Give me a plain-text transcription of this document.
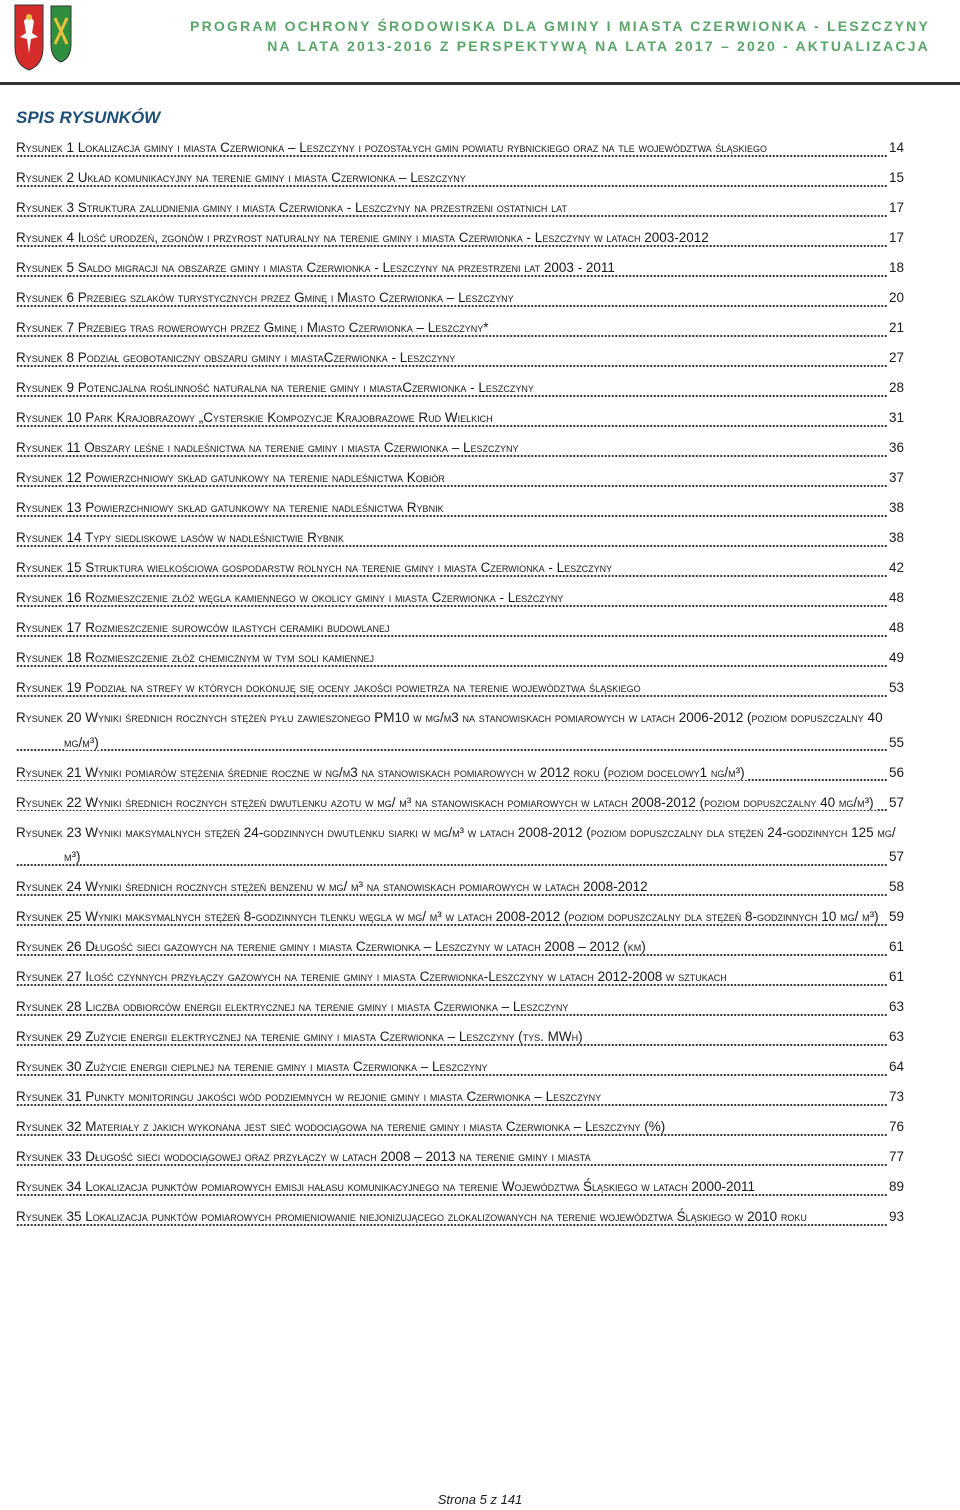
PROGRAM OCHRONY ŚRODOWISKA DLA GMINY I MIASTA CZERWIONKA - LESZCZYNY
NA LATA 2013-2016 Z PERSPEKTYWĄ NA LATA 2017 – 2020 - AKTUALIZACJA
SPIS RYSUNKÓW
Rysunek 1 Lokalizacja gminy i miasta Czerwionka – Leszczyny i pozostałych gmin powiatu rybnickiego oraz na tle województwa śląskiego	14
Rysunek 2 Układ komunikacyjny na terenie gminy i miasta Czerwionka – Leszczyny	15
Rysunek 3 Struktura zaludnienia gminy i miasta Czerwionka - Leszczyny na przestrzeni ostatnich lat	17
Rysunek 4 Ilość urodzeń, zgonów i przyrost naturalny na terenie gminy i miasta Czerwionka - Leszczyny w latach 2003-2012	17
Rysunek 5 Saldo migracji na obszarze gminy i miasta Czerwionka - Leszczyny na przestrzeni lat 2003 - 2011	18
Rysunek 6 Przebieg szlaków turystycznych przez Gminę i Miasto Czerwionka – Leszczyny	20
Rysunek 7 Przebieg tras rowerowych przez Gminę i Miasto Czerwionka – Leszczyny*	21
Rysunek 8 Podział geobotaniczny obszaru gminy i miastaCzerwionka - Leszczyny	27
Rysunek 9 Potencjalna roślinność naturalna na terenie gminy i miastaCzerwionka - Leszczyny	28
Rysunek 10 Park Krajobrazowy „Cysterskie Kompozycje Krajobrazowe Rud Wielkich	31
Rysunek 11 Obszary leśne i nadleśnictwa na terenie gminy i miasta Czerwionka – Leszczyny	36
Rysunek 12 Powierzchniowy skład gatunkowy na terenie nadleśnictwa Kobiór	37
Rysunek 13 Powierzchniowy skład gatunkowy na terenie nadleśnictwa Rybnik	38
Rysunek 14 Typy siedliskowe lasów w nadleśnictwie Rybnik	38
Rysunek 15 Struktura wielkościowa gospodarstw rolnych na terenie gminy i miasta Czerwionka - Leszczyny	42
Rysunek 16 Rozmieszczenie złóż węgla kamiennego w okolicy gminy i miasta Czerwionka - Leszczyny	48
Rysunek 17 Rozmieszczenie surowców ilastych ceramiki budowlanej	48
Rysunek 18 Rozmieszczenie złóż chemicznym w tym soli kamiennej	49
Rysunek 19 Podział na strefy w których dokonuję się oceny jakości powietrza na terenie województwa śląskiego	53
Rysunek 20 Wyniki średnich rocznych stężeń pyłu zawieszonego PM10 w mg/m3 na stanowiskach pomiarowych w latach 2006-2012 (poziom dopuszczalny 40 mg/m³)	55
Rysunek 21 Wyniki pomiarów stężenia średnie roczne w ng/m3 na stanowiskach pomiarowych w 2012 roku (poziom docelowy1 ng/m³)	56
Rysunek 22 Wyniki średnich rocznych stężeń dwutlenku azotu w mg/ m³ na stanowiskach pomiarowych w latach 2008-2012 (poziom dopuszczalny 40 mg/m³)	57
Rysunek 23 Wyniki maksymalnych stężeń 24-godzinnych dwutlenku siarki w mg/m³ w latach 2008-2012 (poziom dopuszczalny dla stężeń 24-godzinnych 125 mg/ m³)	57
Rysunek 24 Wyniki średnich rocznych stężeń benzenu w mg/ m³ na stanowiskach pomiarowych w latach 2008-2012	58
Rysunek 25 Wyniki maksymalnych stężeń 8-godzinnych tlenku węgla w mg/ m³ w latach 2008-2012 (poziom dopuszczalny dla stężeń 8-godzinnych 10 mg/ m³) 59
Rysunek 26 Długość sieci gazowych na terenie gminy i miasta Czerwionka – Leszczyny w latach 2008 – 2012 (km)	61
Rysunek 27 Ilość czynnych przyłączy gazowych na terenie gminy i miasta Czerwionka-Leszczyny w latach 2012-2008 w sztukach	61
Rysunek 28 Liczba odbiorców energii elektrycznej na terenie gminy i miasta Czerwionka – Leszczyny	63
Rysunek 29 Zużycie energii elektrycznej na terenie gminy i miasta Czerwionka – Leszczyny (tys. MWh)	63
Rysunek 30 Zużycie energii cieplnej na terenie gminy i miasta Czerwionka – Leszczyny	64
Rysunek 31 Punkty monitoringu jakości wód podziemnych w rejonie gminy i miasta Czerwionka – Leszczyny	73
Rysunek 32 Materiały z jakich wykonana jest sieć wodociągowa na terenie gminy i miasta Czerwionka – Leszczyny (%)	76
Rysunek 33 Długość sieci wodociągowej oraz przyłączy w latach 2008 – 2013 na terenie gminy i miasta	77
Rysunek 34 Lokalizacja punktów pomiarowych emisji hałasu komunikacyjnego na terenie Województwa Śląskiego w latach 2000-2011	89
Rysunek 35 Lokalizacja punktów pomiarowych promieniowanie niejonizującego zlokalizowanych na terenie województwa Śląskiego w 2010 roku	93
Strona 5 z 141
